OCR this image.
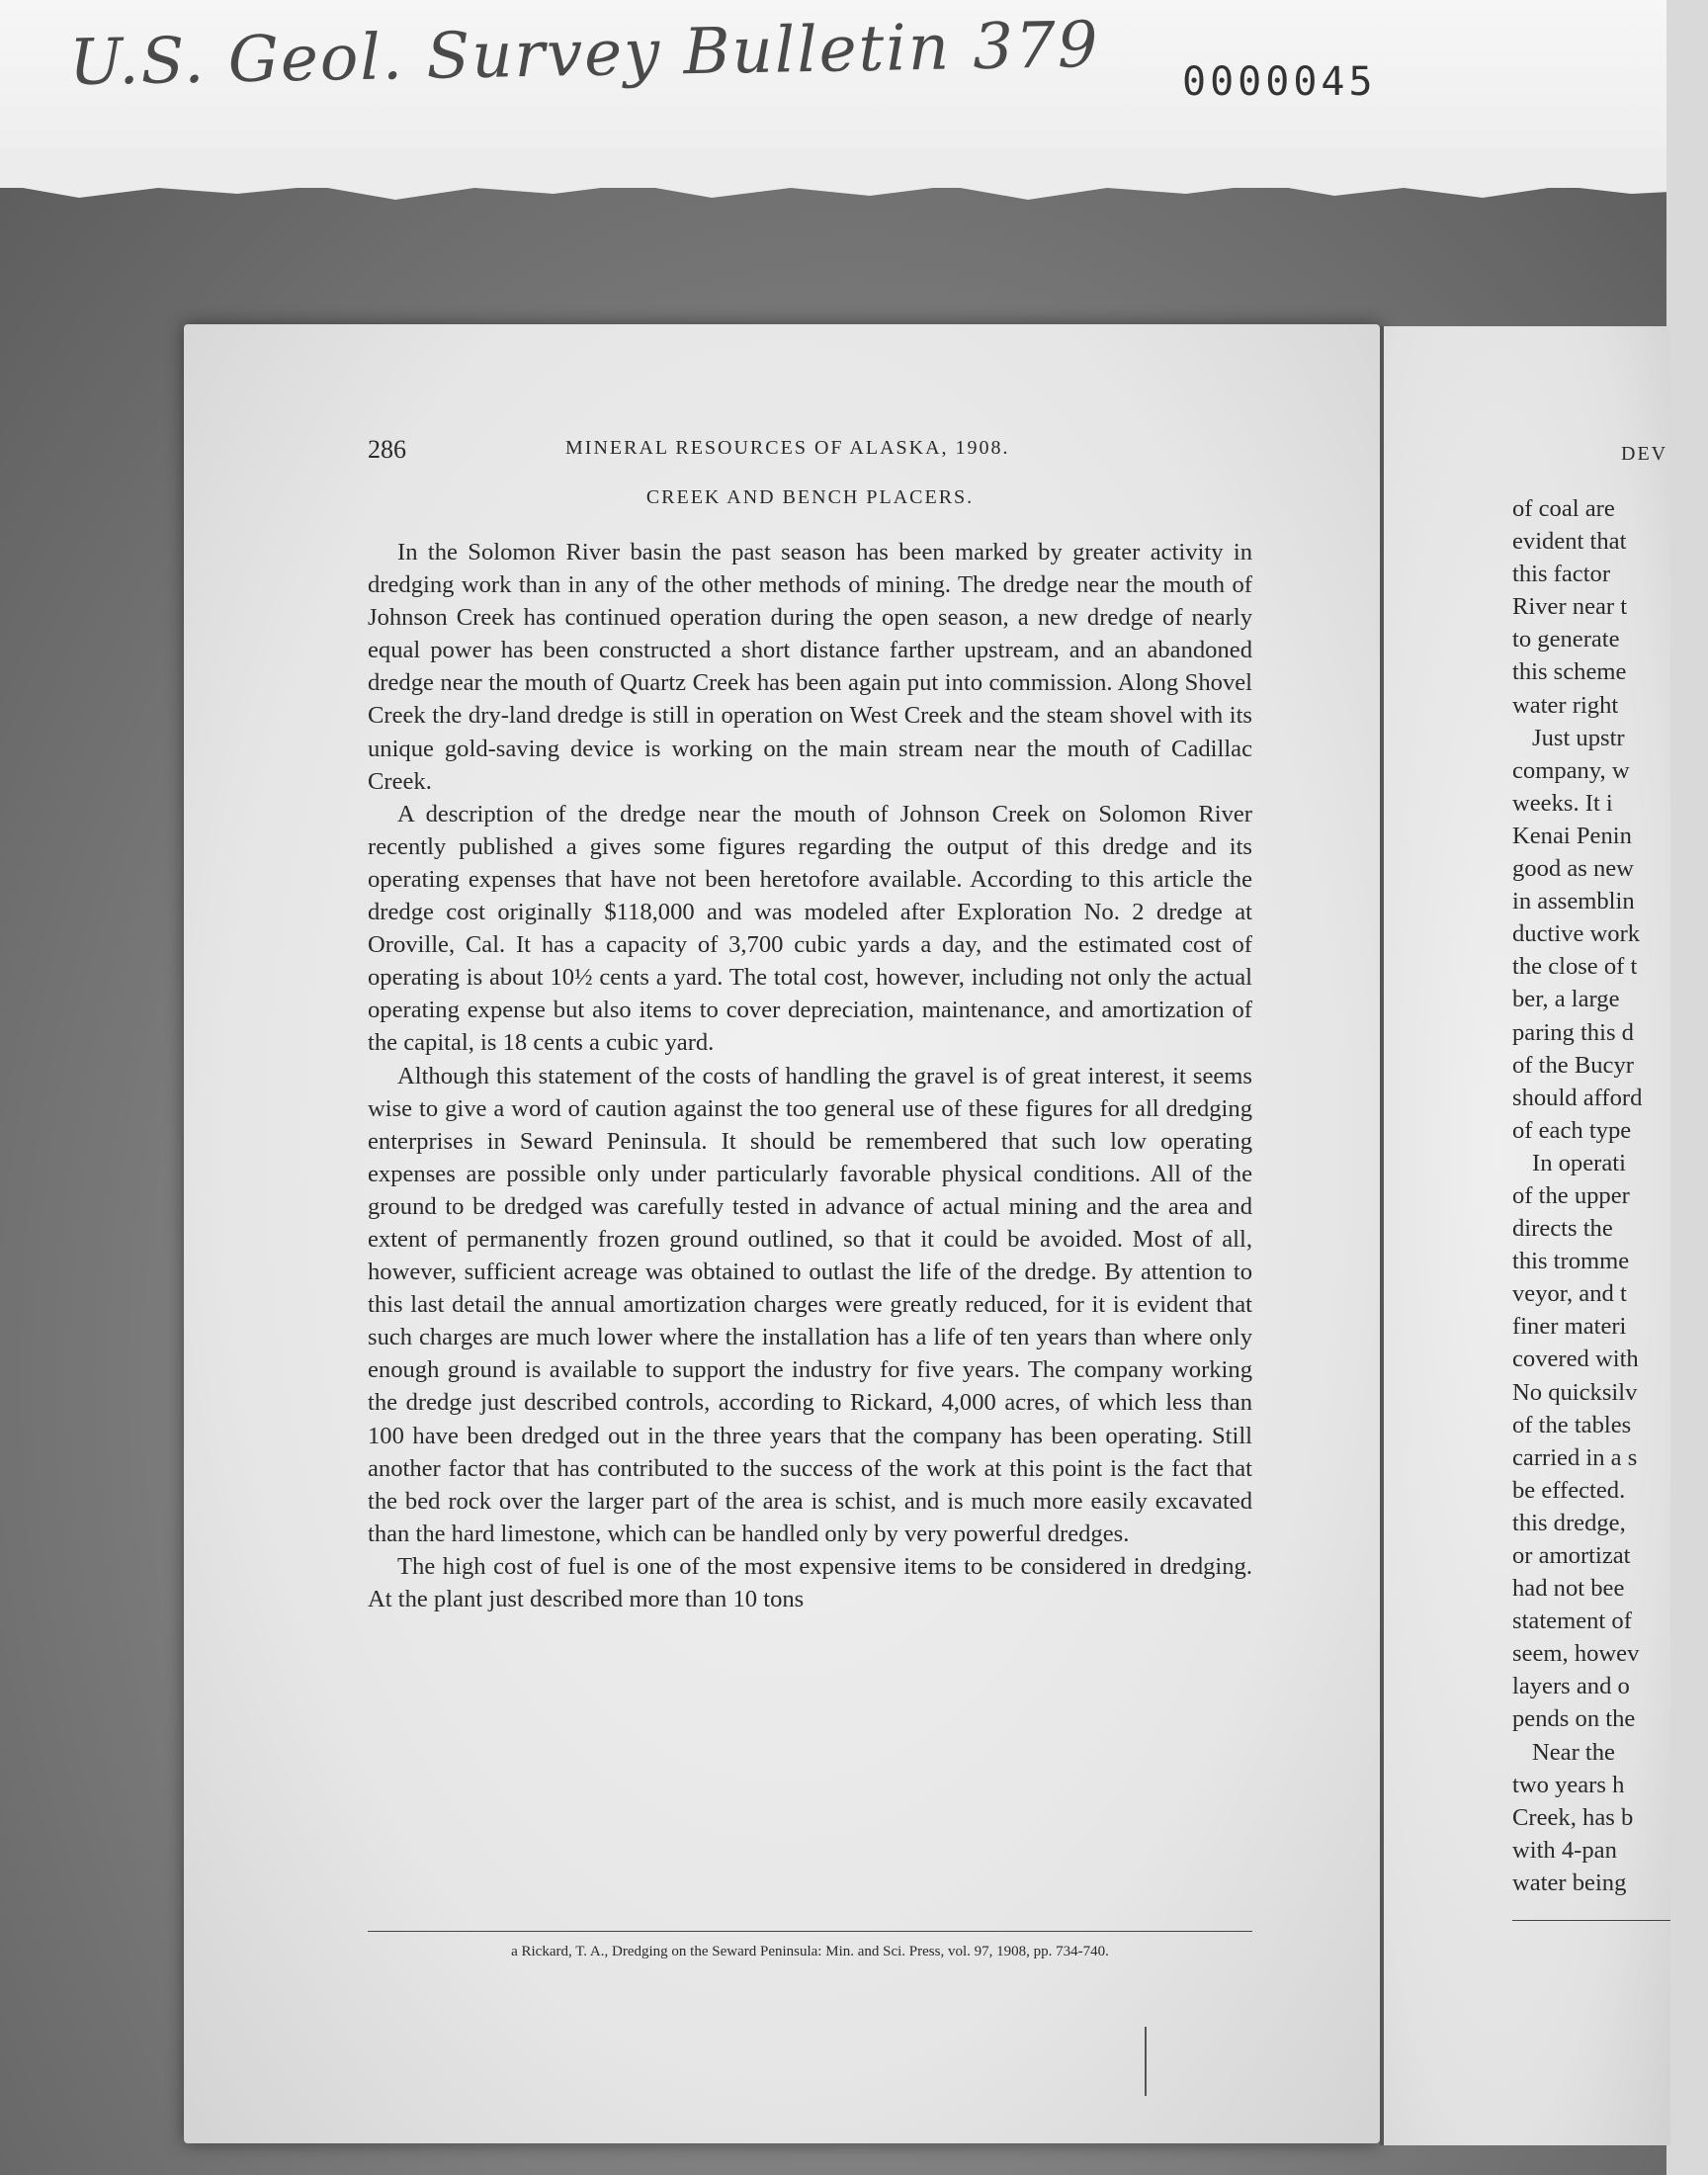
U.S. Geol. Survey Bulletin 379 0000045
286	MINERAL RESOURCES OF ALASKA, 1908.
CREEK AND BENCH PLACERS.

In the Solomon River basin the past season has been marked by greater activity in dredging work than in any of the other methods of mining. The dredge near the mouth of Johnson Creek has continued operation during the open season, a new dredge of nearly equal power has been constructed a short distance farther upstream, and an abandoned dredge near the mouth of Quartz Creek has been again put into commission. Along Shovel Creek the dry-land dredge is still in operation on West Creek and the steam shovel with its unique gold-saving device is working on the main stream near the mouth of Cadillac Creek.

A description of the dredge near the mouth of Johnson Creek on Solomon River recently published a gives some figures regarding the output of this dredge and its operating expenses that have not been heretofore available. According to this article the dredge cost originally $118,000 and was modeled after Exploration No. 2 dredge at Oroville, Cal. It has a capacity of 3,700 cubic yards a day, and the estimated cost of operating is about 10½ cents a yard. The total cost, however, including not only the actual operating expense but also items to cover depreciation, maintenance, and amortization of the capital, is 18 cents a cubic yard.

Although this statement of the costs of handling the gravel is of great interest, it seems wise to give a word of caution against the too general use of these figures for all dredging enterprises in Seward Peninsula. It should be remembered that such low operating expenses are possible only under particularly favorable physical conditions. All of the ground to be dredged was carefully tested in advance of actual mining and the area and extent of permanently frozen ground outlined, so that it could be avoided. Most of all, however, sufficient acreage was obtained to outlast the life of the dredge. By attention to this last detail the annual amortization charges were greatly reduced, for it is evident that such charges are much lower where the installation has a life of ten years than where only enough ground is available to support the industry for five years. The company working the dredge just described controls, according to Rickard, 4,000 acres, of which less than 100 have been dredged out in the three years that the company has been operating. Still another factor that has contributed to the success of the work at this point is the fact that the bed rock over the larger part of the area is schist, and is much more easily excavated than the hard limestone, which can be handled only by very powerful dredges.

The high cost of fuel is one of the most expensive items to be considered in dredging. At the plant just described more than 10 tons

a Rickard, T. A., Dredging on the Seward Peninsula: Min. and Sci. Press, vol. 97, 1908, pp. 734-740.
DEV
of coal are
evident that
this factor
River near t
to generate
this scheme
water right
Just upstr
company, w
weeks. It i
Kenai Penin
good as new
in assemblin
ductive work
the close of t
ber, a large
paring this d
of the Bucyr
should afford
of each type
In operati
of the upper
directs the
this tromme
veyor, and t
finer materi
covered with
No quicksilv
of the tables
carried in a s
be effected.
this dredge,
or amortizat
had not bee
statement of
seem, howev
layers and o
pends on the
Near the
two years h
Creek, has b
with 4-pan
water being
